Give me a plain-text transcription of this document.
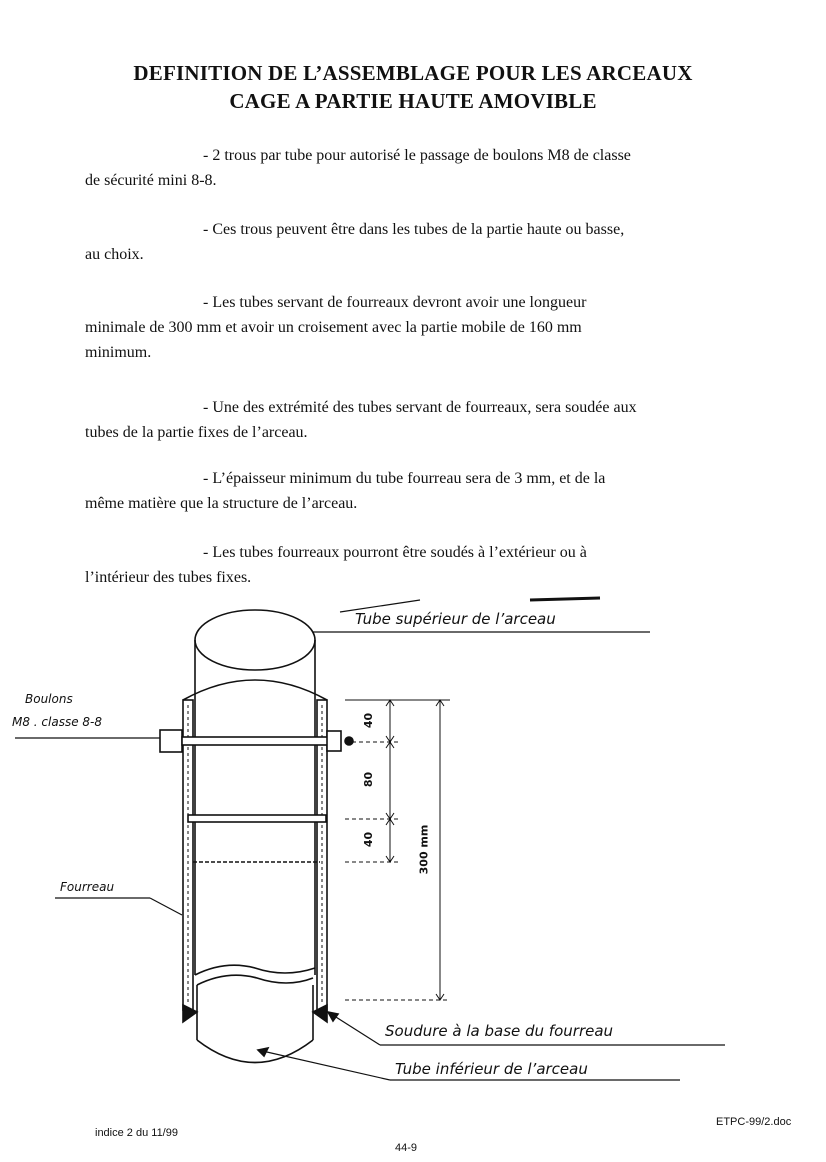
DEFINITION DE L’ASSEMBLAGE POUR LES ARCEAUX
CAGE A PARTIE HAUTE AMOVIBLE

- 2 trous par tube pour autorisé le passage de boulons M8 de classe
de sécurité mini 8-8.

- Ces trous peuvent être dans les tubes de la partie haute ou basse,
au choix.

- Les tubes servant de fourreaux devront avoir une longueur
minimale de 300 mm et avoir un croisement avec la partie mobile de 160 mm
minimum.

- Une des extrémité des tubes servant de fourreaux, sera soudée aux
tubes de la partie fixes de l’arceau.

- L’épaisseur minimum du tube fourreau sera de 3 mm, et de la
même matière que la structure de l’arceau.

- Les tubes fourreaux pourront être soudés à l’extérieur ou à
l’intérieur des tubes fixes.

Tube supérieur de l’arceau
Boulons
M8 . classe 8-8
Fourreau
Soudure à la base du fourreau
Tube inférieur de l’arceau
40
80
40	300 mm
indice 2 du 11/99
ETPC-99/2.doc
44-9
